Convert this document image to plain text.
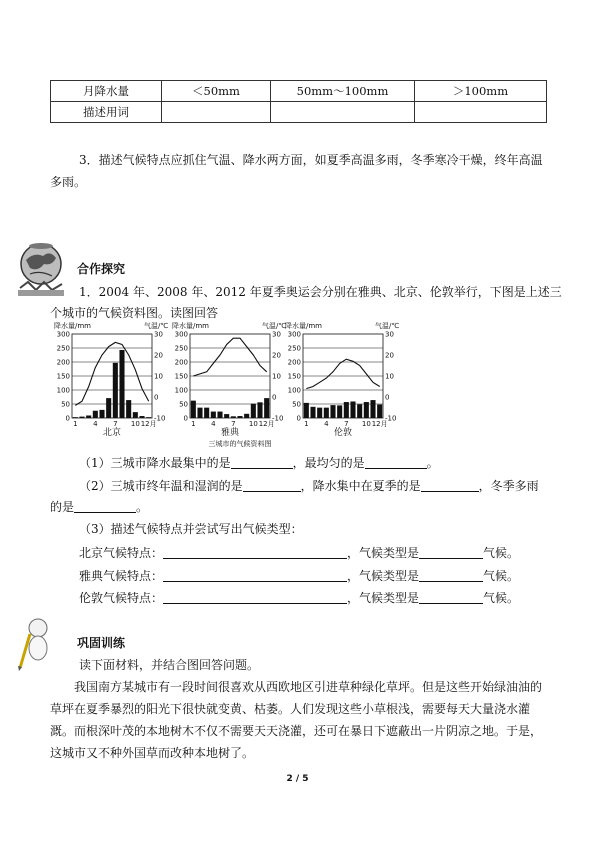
月降水量	＜50mm	50mm～100mm	＞100mm
描述用词			
3．描述气候特点应抓住气温、降水两方面，如夏季高温多雨，冬季寒冷干燥，终年高温
多雨。
合作探究
1．2004 年、2008 年、2012 年夏季奥运会分别在雅典、北京、伦敦举行，下图是上述三
个城市的气候资料图。读图回答
三城市的气候资料图
降水量/mm	气温/℃
300
250
200
150
100
50
0
30
20
10
0
-10
1 4 7 10 12月
北京
降水量/mm	气温/℃
300
250
200
150
100
50
0
30
20
10
0
-10
1 4 7 10 12月
雅典
降水量/mm	气温/℃
300
250
200
150
100
50
0
30
20
10
0
-10
1 4 7 10 12月
伦敦
（1）三城市降水最集中的是	，最均匀的是	。
（2）三城市终年温和湿润的是	，降水集中在夏季的是	，冬季多雨
的是	。
（3）描述气候特点并尝试写出气候类型：
北京气候特点：	，气候类型是	气候。
雅典气候特点：	，气候类型是	气候。
伦敦气候特点：	，气候类型是	气候。
巩固训练
读下面材料，并结合图回答问题。
我国南方某城市有一段时间很喜欢从西欧地区引进草种绿化草坪。但是这些开始绿油油的草坪在夏季暴烈的阳光下很快就变黄、枯萎。人们发现这些小草根浅，需要每天大量浇水灌溉。而根深叶茂的本地树木不仅不需要天天浇灌，还可在暴日下遮蔽出一片阴凉之地。于是，这城市又不种外国草而改种本地树了。
2 / 5
